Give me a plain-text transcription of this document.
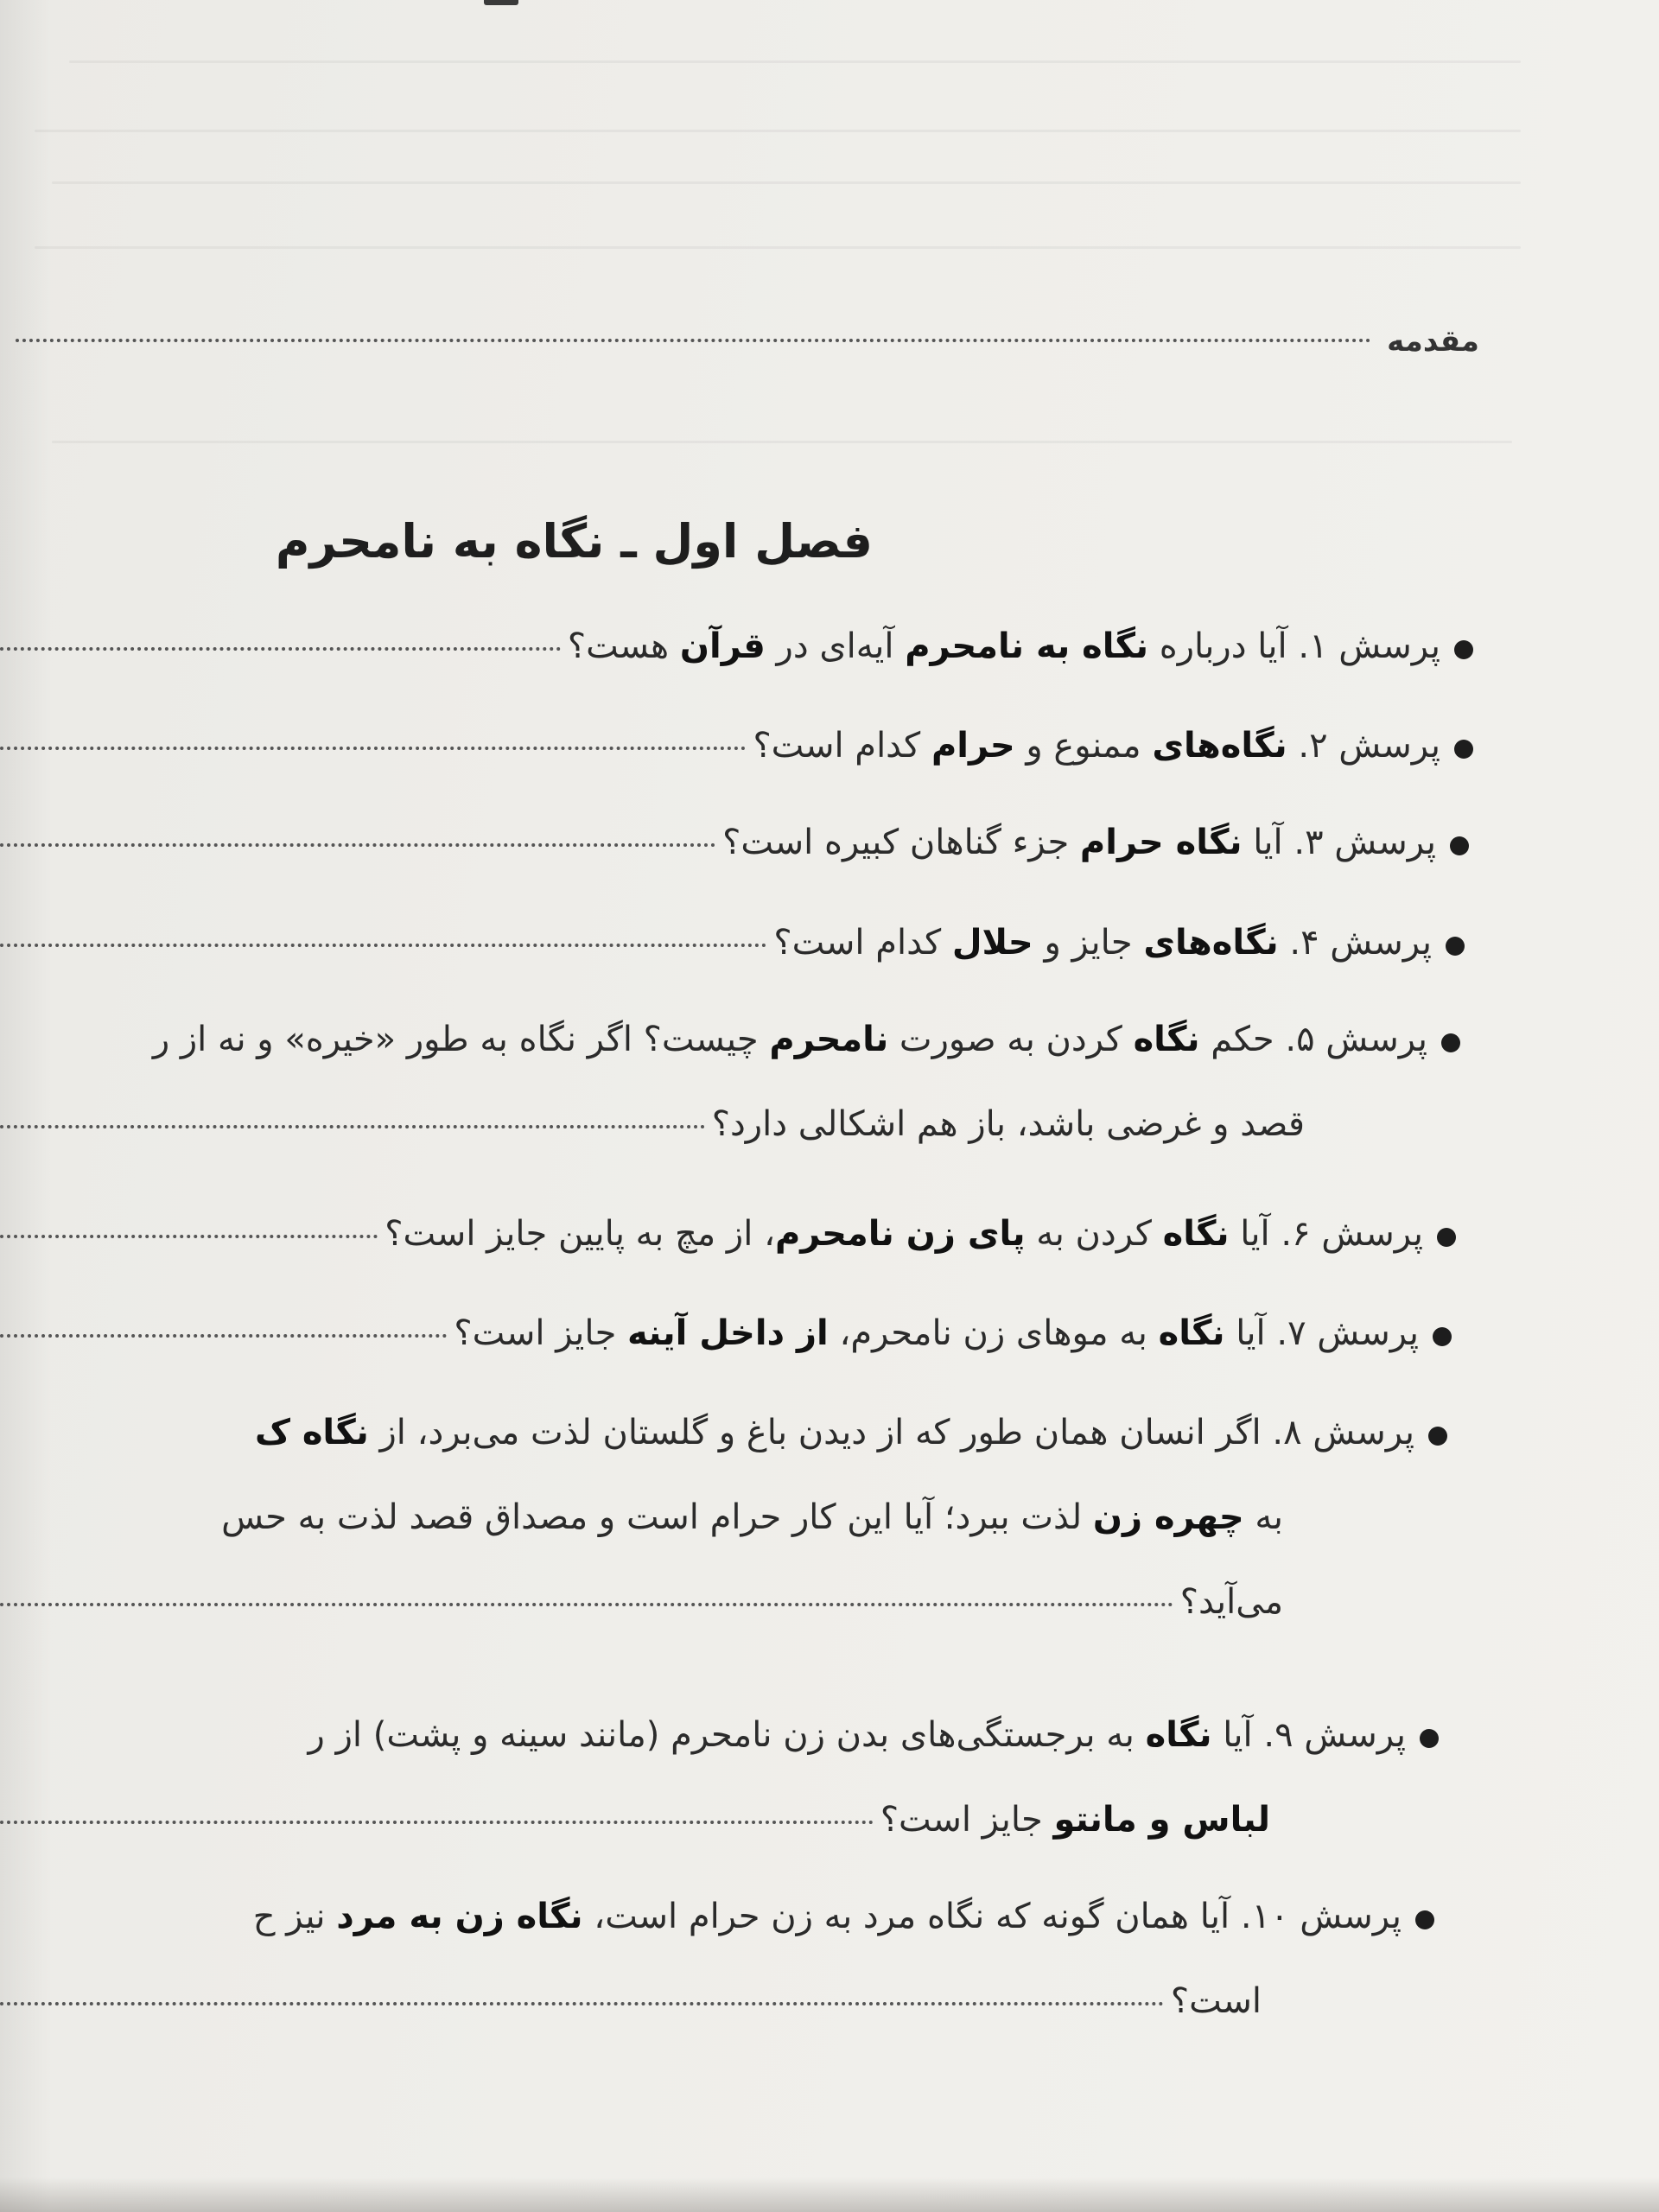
مقدمه
فصل اول ـ نگاه به نامحرم
پرسش ۱. آیا درباره نگاه به نامحرم آیه‌ای در قرآن هست؟
پرسش ۲. نگاه‌های ممنوع و حرام کدام است؟
پرسش ۳. آیا نگاه حرام جزء گناهان کبیره است؟
پرسش ۴. نگاه‌های جایز و حلال کدام است؟
پرسش ۵. حکم نگاه کردن به صورت نامحرم چیست؟ اگر نگاه به طور «خیره» و نه از ر
قصد و غرضی باشد، باز هم اشکالی دارد؟
پرسش ۶. آیا نگاه کردن به پای زن نامحرم، از مچ به پایین جایز است؟
پرسش ۷. آیا نگاه به موهای زن نامحرم، از داخل آینه جایز است؟
پرسش ۸. اگر انسان همان طور که از دیدن باغ و گلستان لذت می‌برد، از نگاه ک
به چهره زن لذت ببرد؛ آیا این کار حرام است و مصداق قصد لذت به حس
می‌آید؟
پرسش ۹. آیا نگاه به برجستگی‌های بدن زن نامحرم (مانند سینه و پشت) از ر
لباس و مانتو جایز است؟
پرسش ۱۰. آیا همان گونه که نگاه مرد به زن حرام است، نگاه زن به مرد نیز ح
است؟
